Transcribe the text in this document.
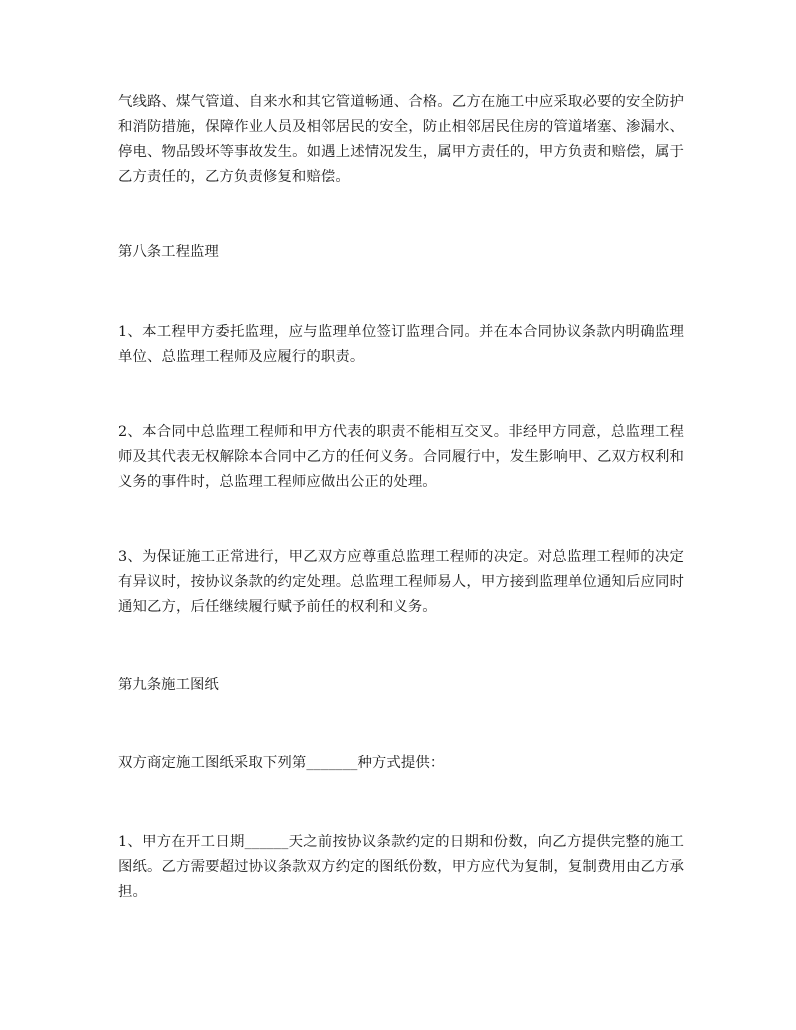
气线路、煤气管道、自来水和其它管道畅通、合格。乙方在施工中应采取必要的安全防护和消防措施，保障作业人员及相邻居民的安全，防止相邻居民住房的管道堵塞、渗漏水、停电、物品毁坏等事故发生。如遇上述情况发生，属甲方责任的，甲方负责和赔偿，属于乙方责任的，乙方负责修复和赔偿。

第八条工程监理

1、本工程甲方委托监理，应与监理单位签订监理合同。并在本合同协议条款内明确监理单位、总监理工程师及应履行的职责。

2、本合同中总监理工程师和甲方代表的职责不能相互交叉。非经甲方同意，总监理工程师及其代表无权解除本合同中乙方的任何义务。合同履行中，发生影响甲、乙双方权利和义务的事件时，总监理工程师应做出公正的处理。

3、为保证施工正常进行，甲乙双方应尊重总监理工程师的决定。对总监理工程师的决定有异议时，按协议条款的约定处理。总监理工程师易人，甲方接到监理单位通知后应同时通知乙方，后任继续履行赋予前任的权利和义务。

第九条施工图纸

双方商定施工图纸采取下列第_______种方式提供：

1、甲方在开工日期______天之前按协议条款约定的日期和份数，向乙方提供完整的施工图纸。乙方需要超过协议条款双方约定的图纸份数，甲方应代为复制，复制费用由乙方承担。
